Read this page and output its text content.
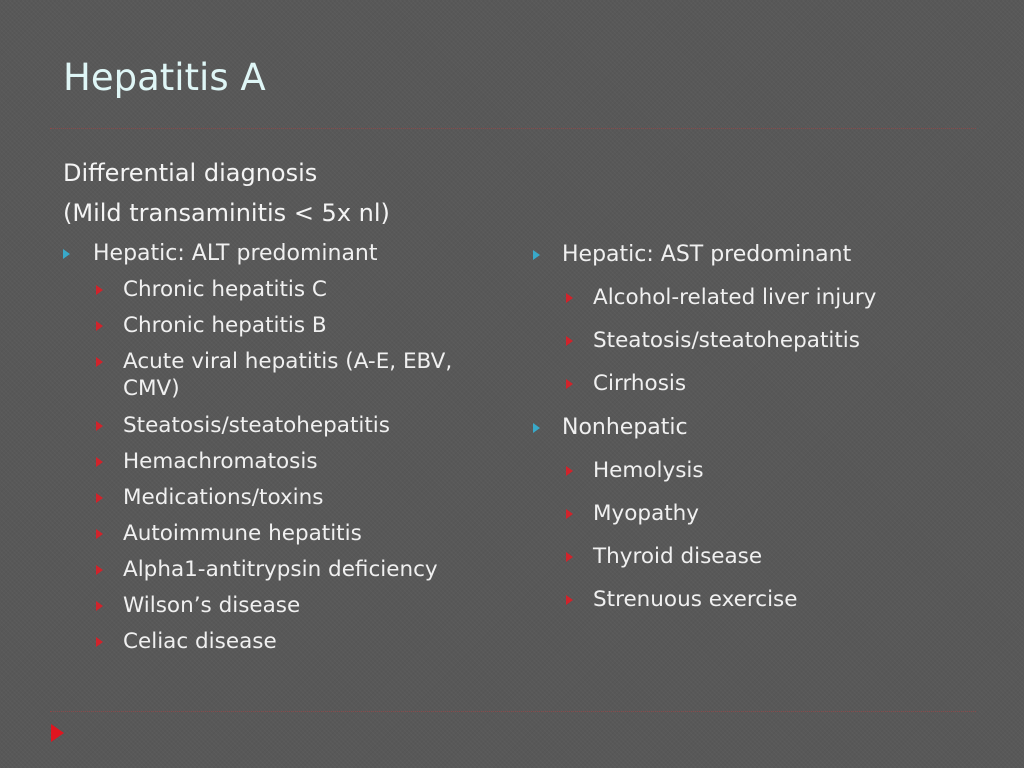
Hepatitis A
Differential diagnosis
(Mild transaminitis < 5x nl)
Hepatic: ALT predominant
Chronic hepatitis C
Chronic hepatitis B
Acute viral hepatitis (A-E, EBV, CMV)
Steatosis/steatohepatitis
Hemachromatosis
Medications/toxins
Autoimmune hepatitis
Alpha1-antitrypsin deficiency
Wilson’s disease
Celiac disease
Hepatic: AST predominant
Alcohol-related liver injury
Steatosis/steatohepatitis
Cirrhosis
Nonhepatic
Hemolysis
Myopathy
Thyroid disease
Strenuous exercise
